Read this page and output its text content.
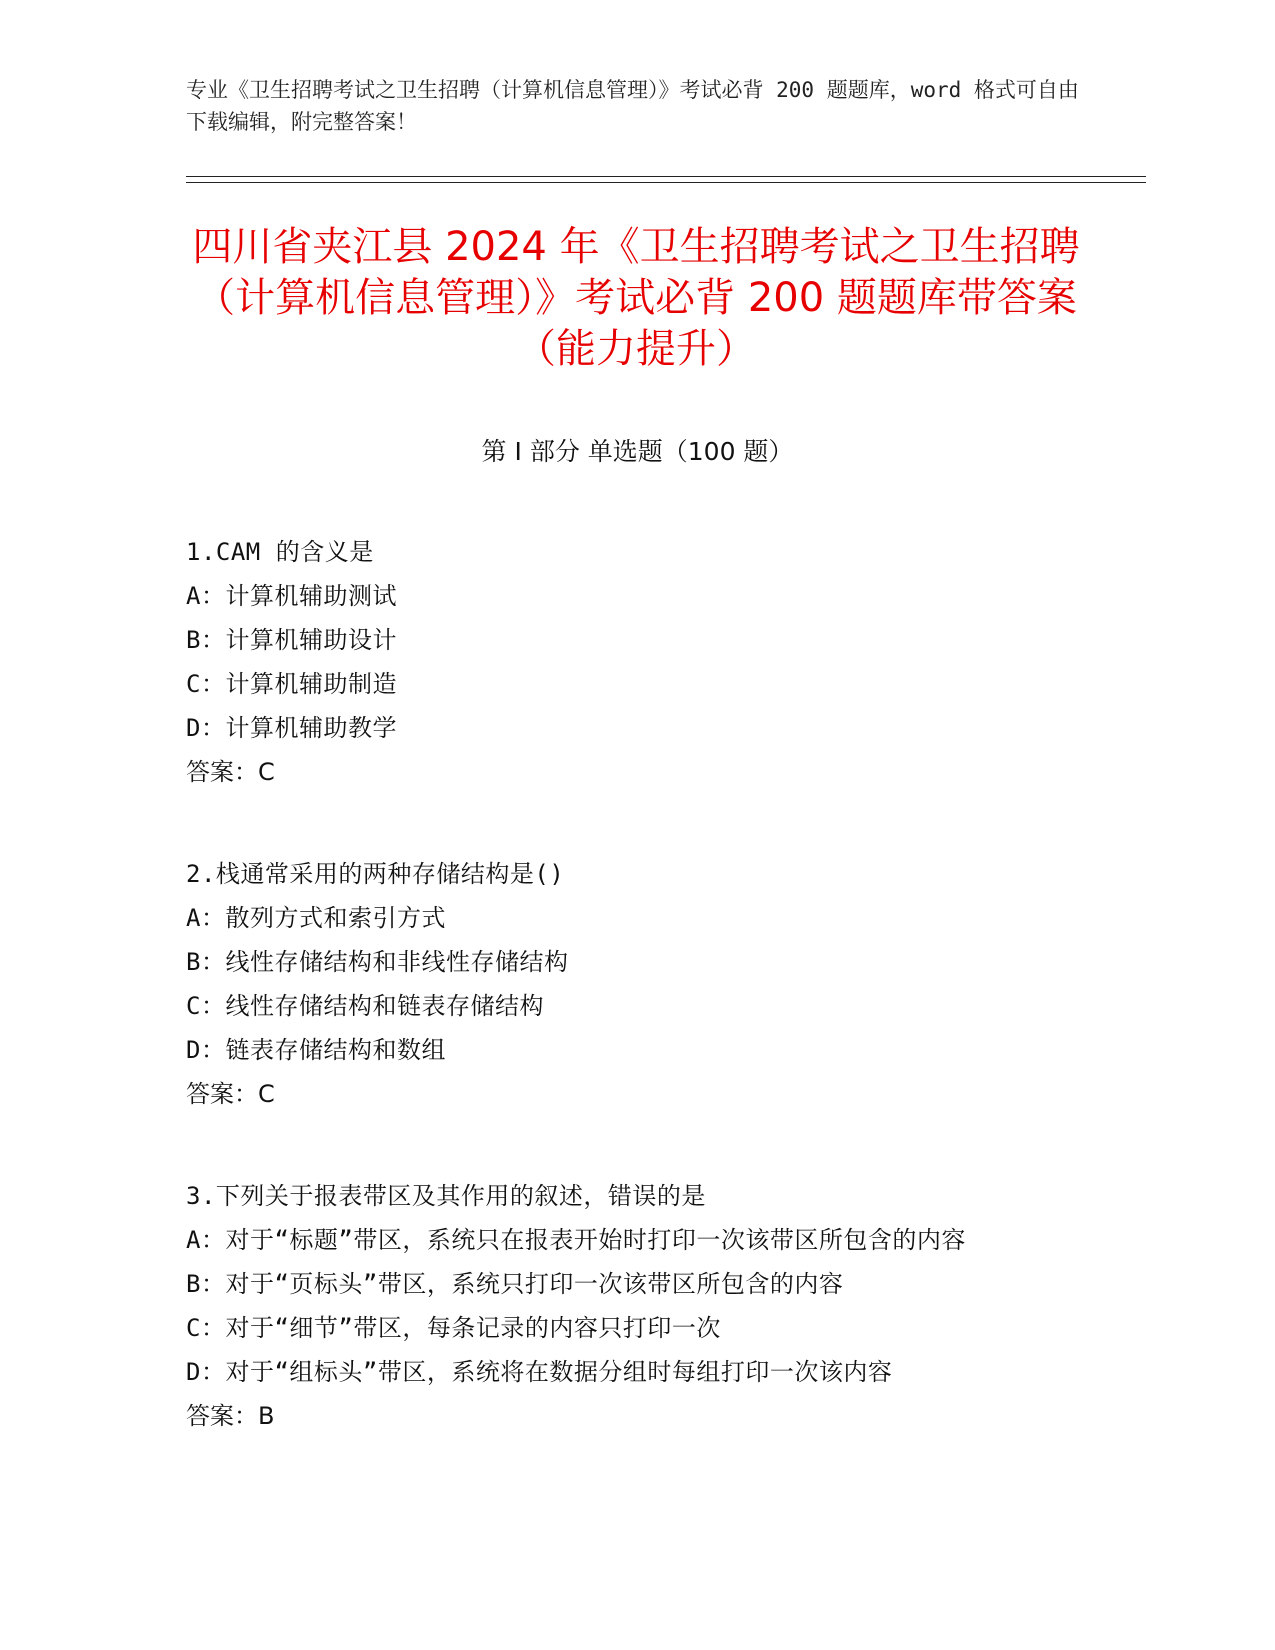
专业《卫生招聘考试之卫生招聘（计算机信息管理）》考试必背 200 题题库，word 格式可自由下载编辑，附完整答案！
四川省夹江县 2024 年《卫生招聘考试之卫生招聘（计算机信息管理）》考试必背 200 题题库带答案（能力提升）
第 I 部分 单选题（100 题）
1.CAM 的含义是
A：计算机辅助测试
B：计算机辅助设计
C：计算机辅助制造
D：计算机辅助教学
答案：C
2.栈通常采用的两种存储结构是()
A：散列方式和索引方式
B：线性存储结构和非线性存储结构
C：线性存储结构和链表存储结构
D：链表存储结构和数组
答案：C
3.下列关于报表带区及其作用的叙述，错误的是
A：对于“标题”带区，系统只在报表开始时打印一次该带区所包含的内容
B：对于“页标头”带区，系统只打印一次该带区所包含的内容
C：对于“细节”带区，每条记录的内容只打印一次
D：对于“组标头”带区，系统将在数据分组时每组打印一次该内容
答案：B
